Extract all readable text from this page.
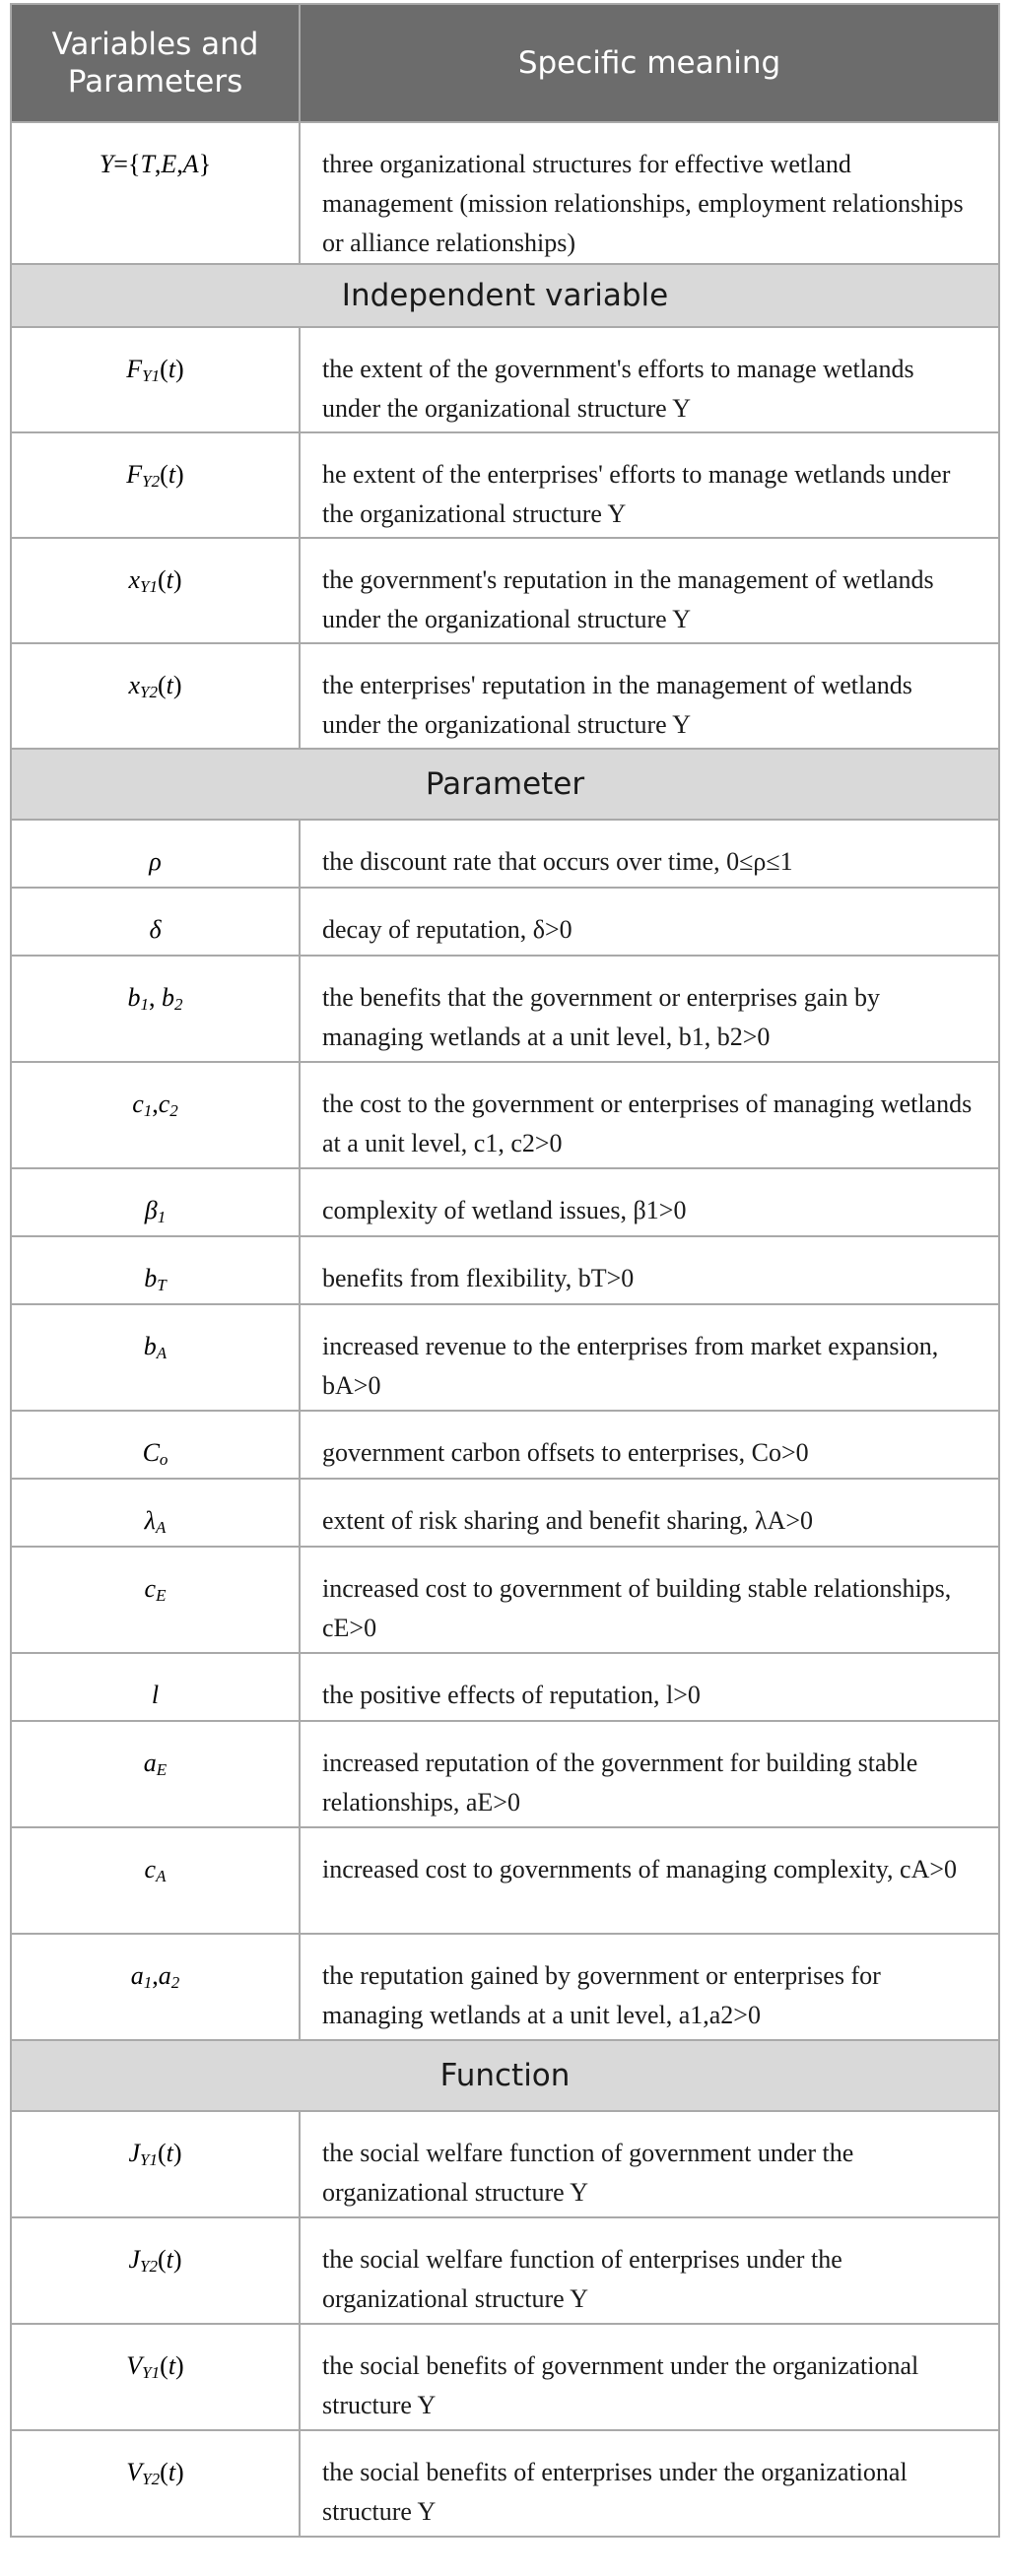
Variables and
Parameters	Specific meaning
Y={T,E,A}	three organizational structures for effective wetland management (mission relationships, employment relationships or alliance relationships)
Independent variable	
$F_{Y1}(t)$	the extent of the government's efforts to manage wetlands under the organizational structure Y
$F_{Y2}(t)$	he extent of the enterprises' efforts to manage wetlands under the organizational structure Y
$x_{Y1}(t)$	the government's reputation in the management of wetlands under the organizational structure Y
$x_{Y2}(t)$	the enterprises' reputation in the management of wetlands under the organizational structure Y
Parameter	
ρ	the discount rate that occurs over time, 0≤ρ≤1
δ	decay of reputation, δ>0
$b_1$, $b_2$	the benefits that the government or enterprises gain by managing wetlands at a unit level, b1, b2>0
$c_1,c_2$	the cost to the government or enterprises of managing wetlands at a unit level, c1, c2>0
$\beta_1$	complexity of wetland issues, β1>0
$b_T$	benefits from flexibility, bT>0
$b_A$	increased revenue to the enterprises from market expansion, bA>0
$C_o$	government carbon offsets to enterprises, Co>0
$\lambda_A$	extent of risk sharing and benefit sharing, λA>0
$c_E$	increased cost to government of building stable relationships, cE>0
l	the positive effects of reputation, l>0
$a_E$	increased reputation of the government for building stable relationships, aE>0
$c_A$	increased cost to governments of managing complexity, cA>0
$a_1,a_2$	the reputation gained by government or enterprises for managing wetlands at a unit level, a1,a2>0
Function	
$J_{Y1}(t)$	the social welfare function of government under the organizational structure Y
$J_{Y2}(t)$	the social welfare function of enterprises under the organizational structure Y
$V_{Y1}(t)$	the social benefits of government under the organizational structure Y
$V_{Y2}(t)$	the social benefits of enterprises under the organizational structure Y
